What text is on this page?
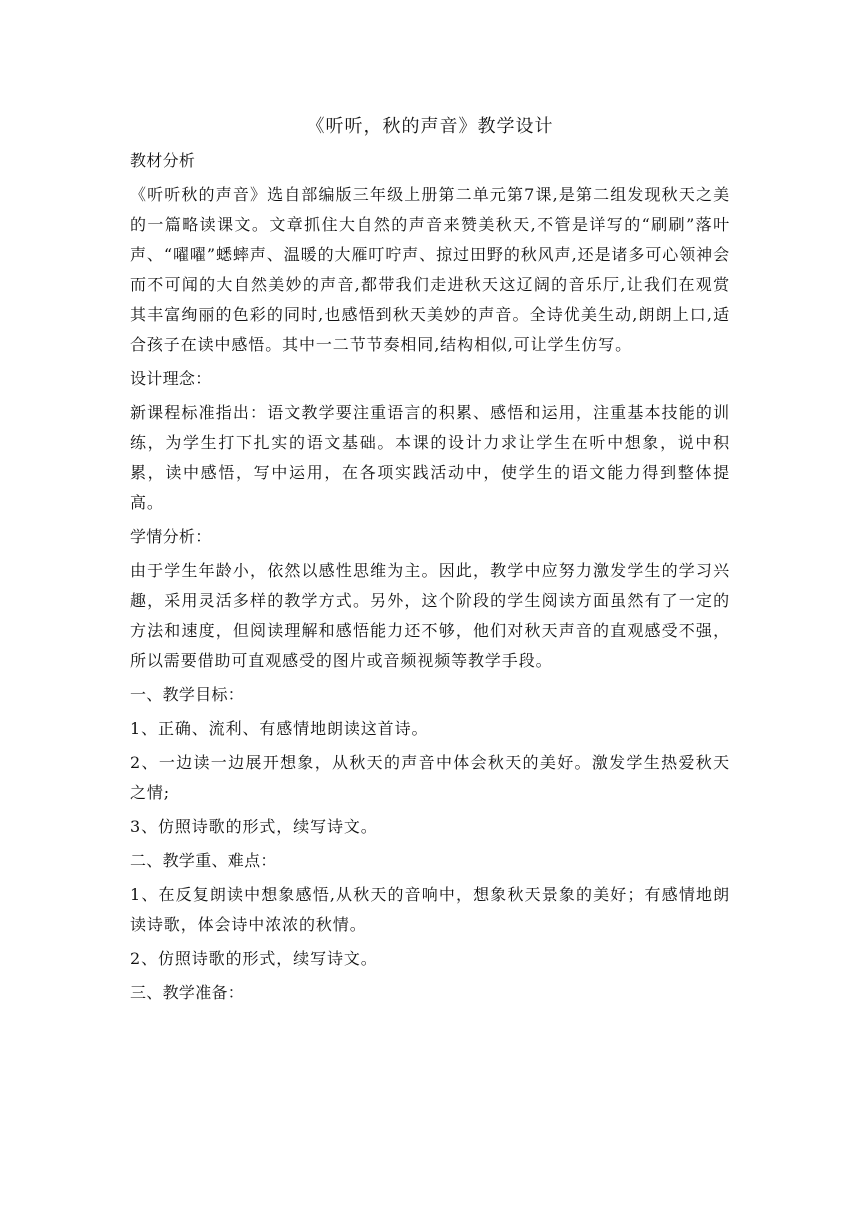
《听听，秋的声音》教学设计

教材分析

《听听秋的声音》选自部编版三年级上册第二单元第7课,是第二组发现秋天之美的一篇略读课文。文章抓住大自然的声音来赞美秋天,不管是详写的“刷刷”落叶声、“嚁嚁”蟋蟀声、温暖的大雁叮咛声、掠过田野的秋风声,还是诸多可心领神会而不可闻的大自然美妙的声音,都带我们走进秋天这辽阔的音乐厅,让我们在观赏其丰富绚丽的色彩的同时,也感悟到秋天美妙的声音。全诗优美生动,朗朗上口,适合孩子在读中感悟。其中一二节节奏相同,结构相似,可让学生仿写。

设计理念：

新课程标准指出：语文教学要注重语言的积累、感悟和运用，注重基本技能的训练，为学生打下扎实的语文基础。本课的设计力求让学生在听中想象，说中积累，读中感悟，写中运用，在各项实践活动中，使学生的语文能力得到整体提高。

学情分析：

由于学生年龄小，依然以感性思维为主。因此，教学中应努力激发学生的学习兴趣，采用灵活多样的教学方式。另外，这个阶段的学生阅读方面虽然有了一定的方法和速度，但阅读理解和感悟能力还不够，他们对秋天声音的直观感受不强，所以需要借助可直观感受的图片或音频视频等教学手段。

一、教学目标：

1、正确、流利、有感情地朗读这首诗。

2、一边读一边展开想象，从秋天的声音中体会秋天的美好。激发学生热爱秋天之情;

3、仿照诗歌的形式，续写诗文。

二、教学重、难点：

1、在反复朗读中想象感悟,从秋天的音响中，想象秋天景象的美好；有感情地朗读诗歌，体会诗中浓浓的秋情。

2、仿照诗歌的形式，续写诗文。

三、教学准备：
